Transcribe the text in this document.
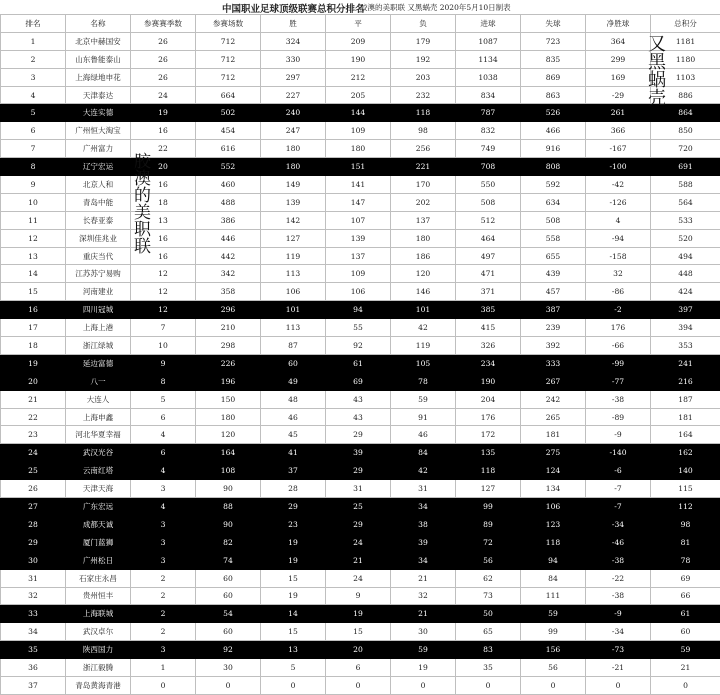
中国职业足球顶级联赛总积分排名
胶澳的美职联 又黑蜗壳 2020年5月10日制表
排名	名称	参赛赛季数	参赛场数	胜	平	负	进球	失球	净胜球	总积分
1	北京中赫国安	26	712	324	209	179	1087	723	364	1181
2	山东鲁能泰山	26	712	330	190	192	1134	835	299	1180
3	上海绿地申花	26	712	297	212	203	1038	869	169	1103
4	天津泰达	24	664	227	205	232	834	863	-29	886
5	大连实德	19	502	240	144	118	787	526	261	864
6	广州恒大淘宝	16	454	247	109	98	832	466	366	850
7	广州富力	22	616	180	180	256	749	916	-167	720
8	辽宁宏运	20	552	180	151	221	708	808	-100	691
9	北京人和	16	460	149	141	170	550	592	-42	588
10	青岛中能	18	488	139	147	202	508	634	-126	564
11	长春亚泰	13	386	142	107	137	512	508	4	533
12	深圳佳兆业	16	446	127	139	180	464	558	-94	520
13	重庆当代	16	442	119	137	186	497	655	-158	494
14	江苏苏宁易购	12	342	113	109	120	471	439	32	448
15	河南建业	12	358	106	106	146	371	457	-86	424
16	四川冠城	12	296	101	94	101	385	387	-2	397
17	上海上港	7	210	113	55	42	415	239	176	394
18	浙江绿城	10	298	87	92	119	326	392	-66	353
19	延边富德	9	226	60	61	105	234	333	-99	241
20	八一	8	196	49	69	78	190	267	-77	216
21	大连人	5	150	48	43	59	204	242	-38	187
22	上海申鑫	6	180	46	43	91	176	265	-89	181
23	河北华夏幸福	4	120	45	29	46	172	181	-9	164
24	武汉光谷	6	164	41	39	84	135	275	-140	162
25	云南红塔	4	108	37	29	42	118	124	-6	140
26	天津天海	3	90	28	31	31	127	134	-7	115
27	广东宏远	4	88	29	25	34	99	106	-7	112
28	成都天诚	3	90	23	29	38	89	123	-34	98
29	厦门蓝狮	3	82	19	24	39	72	118	-46	81
30	广州松日	3	74	19	21	34	56	94	-38	78
31	石家庄永昌	2	60	15	24	21	62	84	-22	69
32	贵州恒丰	2	60	19	9	32	73	111	-38	66
33	上海联城	2	54	14	19	21	50	59	-9	61
34	武汉卓尔	2	60	15	15	30	65	99	-34	60
35	陕西国力	3	92	13	20	59	83	156	-73	59
36	浙江毅腾	1	30	5	6	19	35	56	-21	21
37	青岛黄海青港	0	0	0	0	0	0	0	0	0
又黑蜗壳
胶澳的美职联
